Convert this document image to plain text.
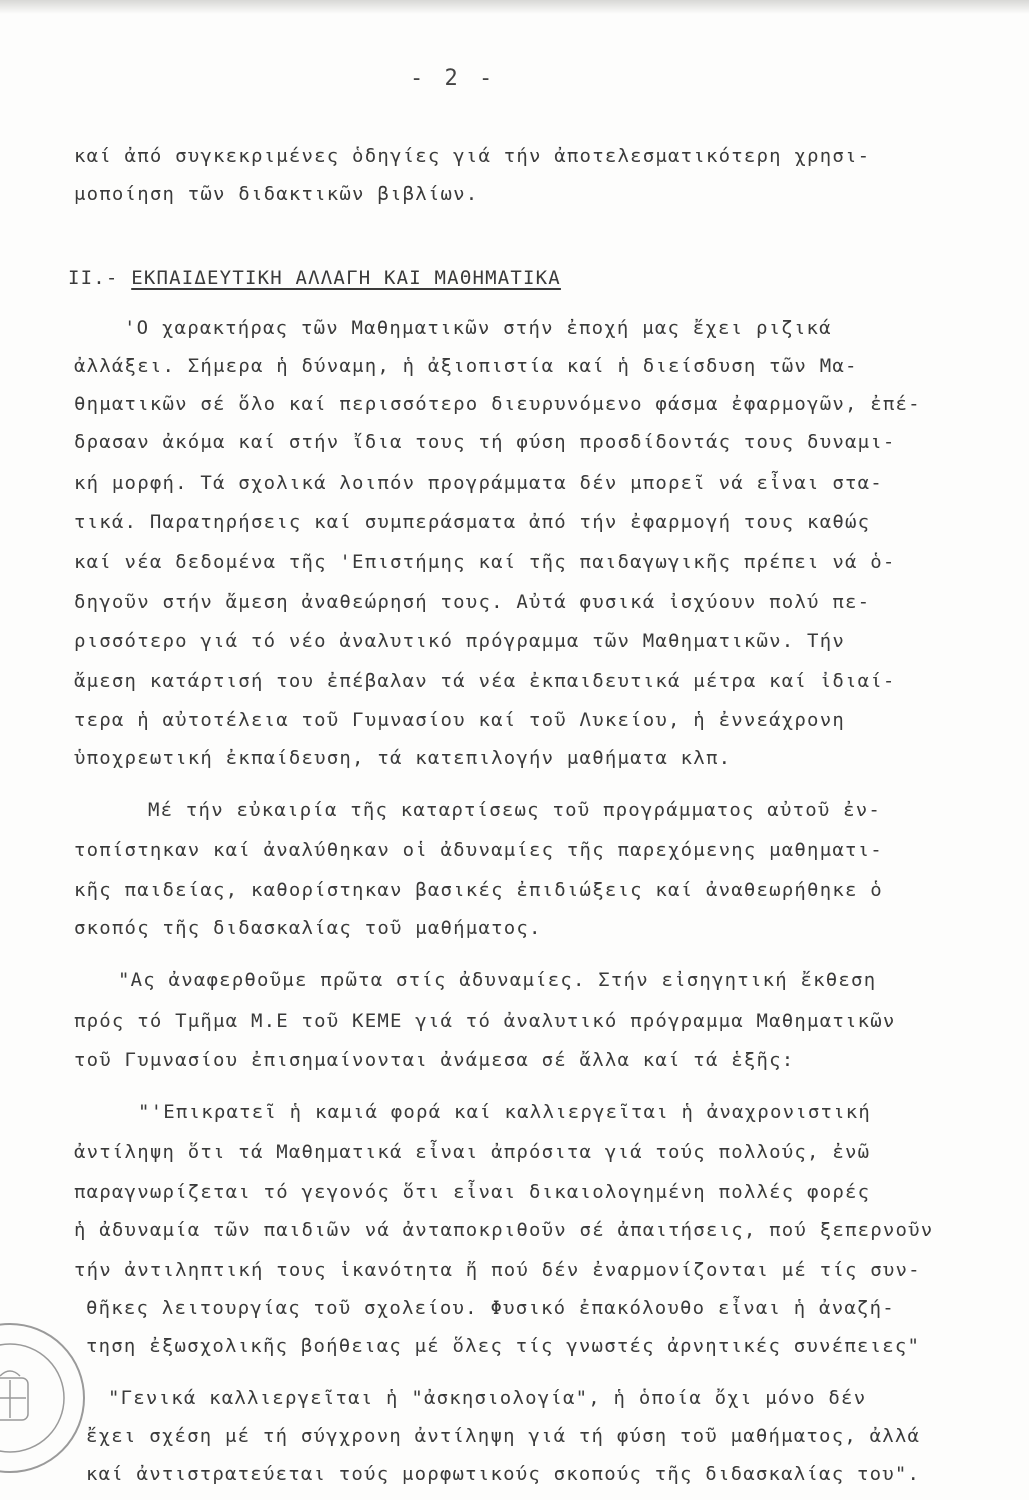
- 2 -
καί ἀπό συγκεκριμένες ὁδηγίες γιά τήν ἀποτελεσματικότερη χρησι-
μοποίηση τῶν διδακτικῶν βιβλίων.
ΙΙ.- ΕΚΠΑΙΔΕΥΤΙΚΗ ΑΛΛΑΓΗ ΚΑΙ ΜΑΘΗΜΑΤΙΚΑ
'Ο χαρακτήρας τῶν Μαθηματικῶν στήν ἐποχή μας ἔχει ριζικά
ἀλλάξει. Σήμερα ἡ δύναμη, ἡ ἀξιοπιστία καί ἡ διείσδυση τῶν Μα-
θηματικῶν σέ ὅλο καί περισσότερο διευρυνόμενο φάσμα ἐφαρμογῶν, ἐπέ-
δρασαν ἀκόμα καί στήν ἴδια τους τή φύση προσδίδοντάς τους δυναμι-
κή μορφή. Τά σχολικά λοιπόν προγράμματα δέν μπορεῖ νά εἶναι στα-
τικά. Παρατηρήσεις καί συμπεράσματα ἀπό τήν ἐφαρμογή τους καθώς
καί νέα δεδομένα τῆς 'Επιστήμης καί τῆς παιδαγωγικῆς πρέπει νά ὁ-
δηγοῦν στήν ἄμεση ἀναθεώρησή τους. Αὐτά φυσικά ἰσχύουν πολύ πε-
ρισσότερο γιά τό νέο ἀναλυτικό πρόγραμμα τῶν Μαθηματικῶν. Τήν
ἄμεση κατάρτισή του ἐπέβαλαν τά νέα ἐκπαιδευτικά μέτρα καί ἰδιαί-
τερα ἡ αὐτοτέλεια τοῦ Γυμνασίου καί τοῦ Λυκείου, ἡ ἐννεάχρονη
ὑποχρεωτική ἐκπαίδευση, τά κατεπιλογήν μαθήματα κλπ.
Μέ τήν εὐκαιρία τῆς καταρτίσεως τοῦ προγράμματος αὐτοῦ ἐν-
τοπίστηκαν καί ἀναλύθηκαν οἱ ἀδυναμίες τῆς παρεχόμενης μαθηματι-
κῆς παιδείας, καθορίστηκαν βασικές ἐπιδιώξεις καί ἀναθεωρήθηκε ὁ
σκοπός τῆς διδασκαλίας τοῦ μαθήματος.
"Ας ἀναφερθοῦμε πρῶτα στίς ἀδυναμίες. Στήν εἰσηγητική ἔκθεση
πρός τό Τμῆμα Μ.Ε τοῦ ΚΕΜΕ γιά τό ἀναλυτικό πρόγραμμα Μαθηματικῶν
τοῦ Γυμνασίου ἐπισημαίνονται ἀνάμεσα σέ ἄλλα καί τά ἑξῆς:
"'Επικρατεῖ ἡ καμιά φορά καί καλλιεργεῖται ἡ ἀναχρονιστική
ἀντίληψη ὅτι τά Μαθηματικά εἶναι ἀπρόσιτα γιά τούς πολλούς, ἐνῶ
παραγνωρίζεται τό γεγονός ὅτι εἶναι δικαιολογημένη πολλές φορές
ἡ ἀδυναμία τῶν παιδιῶν νά ἀνταποκριθοῦν σέ ἀπαιτήσεις, πού ξεπερνοῦν
τήν ἀντιληπτική τους ἱκανότητα ἤ πού δέν ἐναρμονίζονται μέ τίς συν-
θῆκες λειτουργίας τοῦ σχολείου. Φυσικό ἐπακόλουθο εἶναι ἡ ἀναζή-
τηση ἐξωσχολικῆς βοήθειας μέ ὅλες τίς γνωστές ἀρνητικές συνέπειες"
"Γενικά καλλιεργεῖται ἡ "ἀσκησιολογία", ἡ ὁποία ὄχι μόνο δέν
ἔχει σχέση μέ τή σύγχρονη ἀντίληψη γιά τή φύση τοῦ μαθήματος, ἀλλά
καί ἀντιστρατεύεται τούς μορφωτικούς σκοπούς τῆς διδασκαλίας του".
